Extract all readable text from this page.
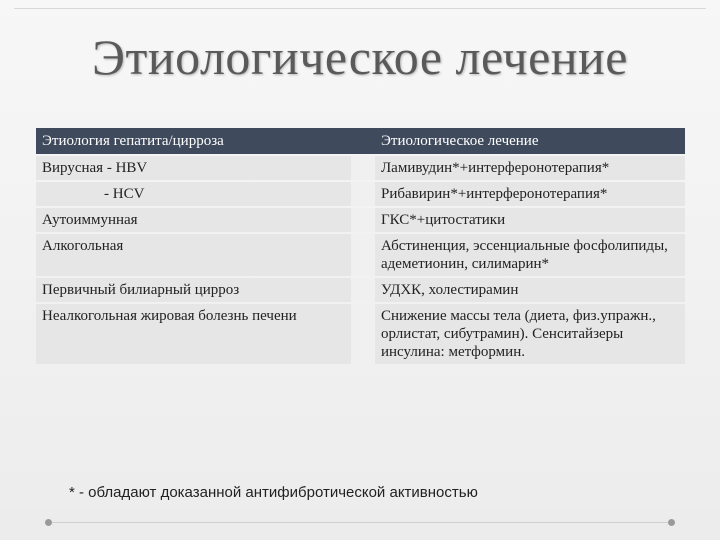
Этиологическое лечение
Этиология гепатита/цирроза	Этиологическое лечение
Вирусная - HBV	Ламивудин*+интерферонотерапия*
- HCV	Рибавирин*+интерферонотерапия*
Аутоиммунная	ГКС*+цитостатики
Алкогольная	Абстиненция, эссенциальные фосфолипиды, адеметионин, силимарин*
Первичный билиарный цирроз	УДХК, холестирамин
Неалкогольная жировая болезнь печени	Снижение массы тела (диета, физ.упражн., орлистат, сибутрамин). Сенситайзеры инсулина: метформин.
* - обладают доказанной антифибротической активностью
